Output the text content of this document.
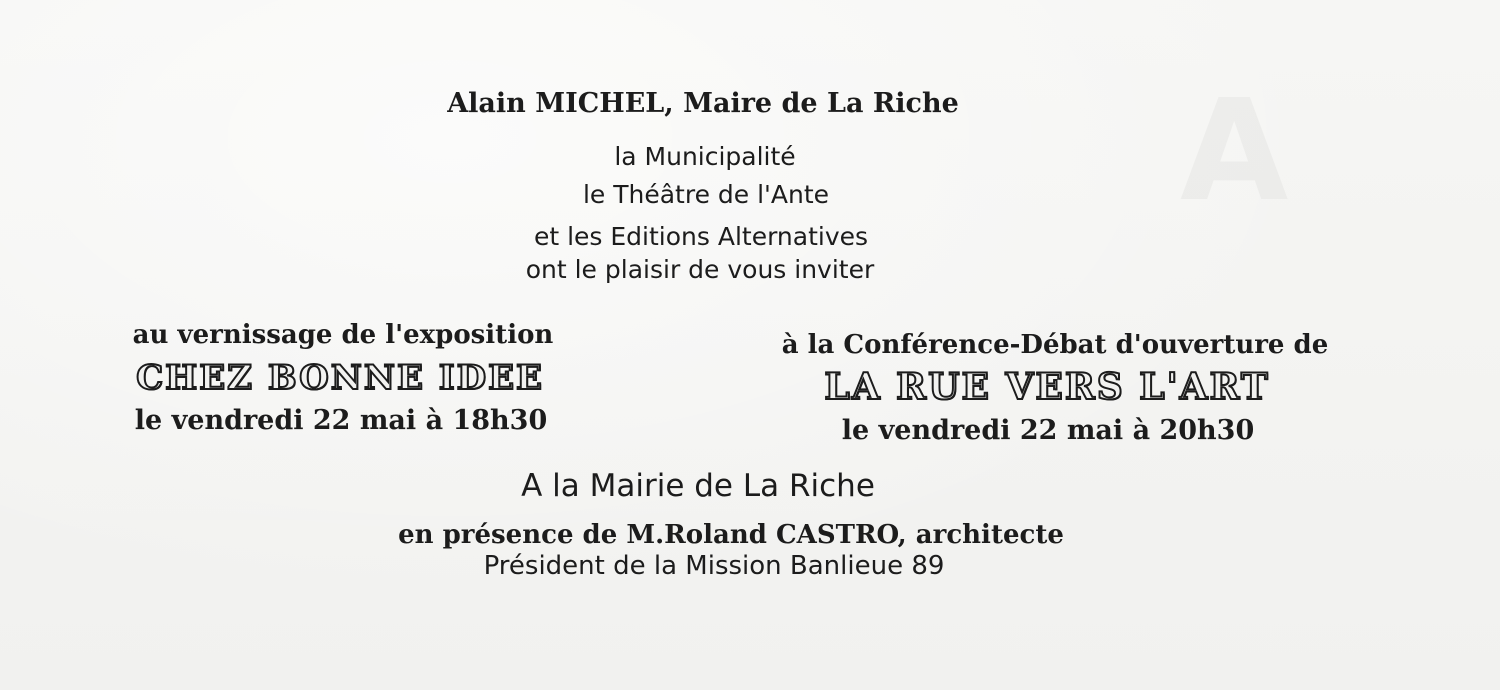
Alain MICHEL, Maire de La Riche
la Municipalité
le Théâtre de l'Ante
et les Editions Alternatives
ont le plaisir de vous inviter
au vernissage de l'exposition
CHEZ BONNE IDEE
le vendredi 22 mai à 18h30
à la Conférence-Débat d'ouverture de
LA RUE VERS L'ART
le vendredi 22 mai à 20h30
A la Mairie de La Riche
en présence de M.Roland CASTRO, architecte
Président de la Mission Banlieue 89
